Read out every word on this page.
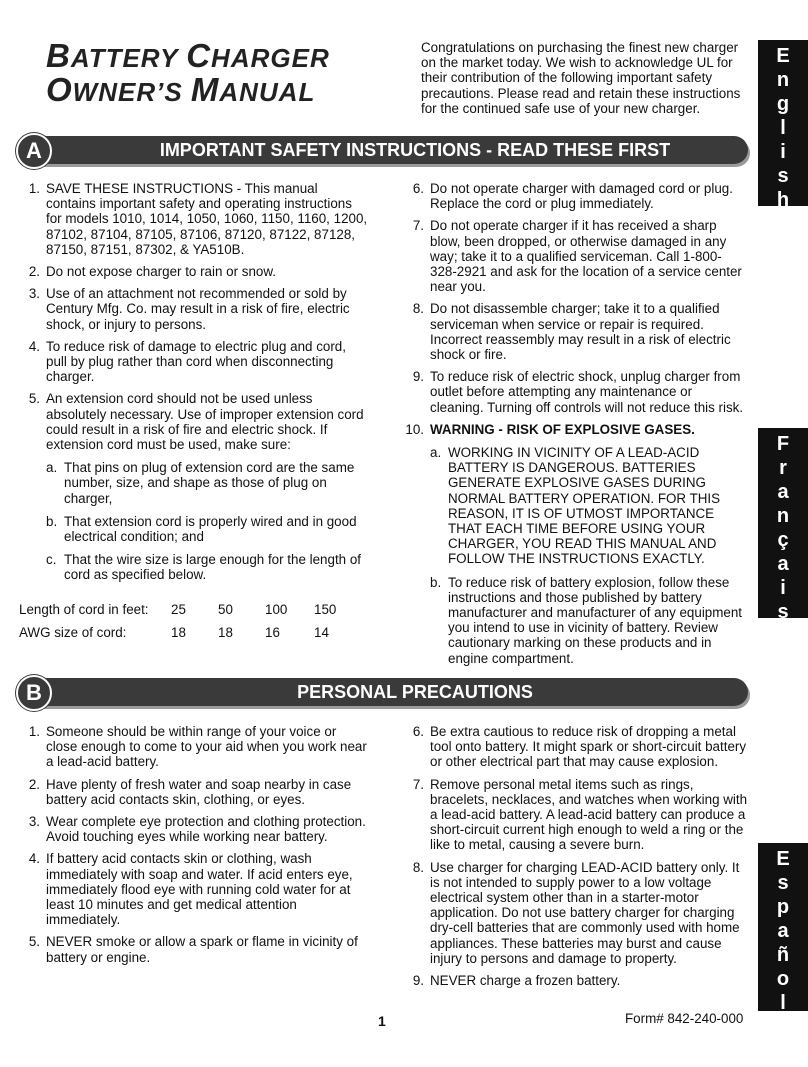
BATTERY CHARGER
OWNER’S MANUAL
Congratulations on purchasing the finest new charger on the market today. We wish to acknowledge UL for their contribution of the following important safety precautions. Please read and retain these instructions for the continued safe use of your new charger.
E
n
g
l
i
s
h
F
r
a
n
ç
a
i
s
E
s
p
a
ñ
o
l
IMPORTANT SAFETY INSTRUCTIONS - READ THESE FIRST
A
1. SAVE THESE INSTRUCTIONS - This manual contains important safety and operating instructions for models 1010, 1014, 1050, 1060, 1150, 1160, 1200, 87102, 87104, 87105, 87106, 87120, 87122, 87128, 87150, 87151, 87302, & YA510B.
2. Do not expose charger to rain or snow.
3. Use of an attachment not recommended or sold by Century Mfg. Co. may result in a risk of fire, electric shock, or injury to persons.
4. To reduce risk of damage to electric plug and cord, pull by plug rather than cord when disconnecting charger.
5. An extension cord should not be used unless absolutely necessary. Use of improper extension cord could result in a risk of fire and electric shock. If extension cord must be used, make sure:
a. That pins on plug of extension cord are the same number, size, and shape as those of plug on charger,
b. That extension cord is properly wired and in good electrical condition; and
c. That the wire size is large enough for the length of cord as specified below.
Length of cord in feet:	25	50	100	150
AWG size of cord:	18	18	16	14
6. Do not operate charger with damaged cord or plug. Replace the cord or plug immediately.
7. Do not operate charger if it has received a sharp blow, been dropped, or otherwise damaged in any way; take it to a qualified serviceman. Call 1-800-328-2921 and ask for the location of a service center near you.
8. Do not disassemble charger; take it to a qualified serviceman when service or repair is required. Incorrect reassembly may result in a risk of electric shock or fire.
9. To reduce risk of electric shock, unplug charger from outlet before attempting any maintenance or cleaning. Turning off controls will not reduce this risk.
10. WARNING - RISK OF EXPLOSIVE GASES.
a. WORKING IN VICINITY OF A LEAD-ACID BATTERY IS DANGEROUS. BATTERIES GENERATE EXPLOSIVE GASES DURING NORMAL BATTERY OPERATION. FOR THIS REASON, IT IS OF UTMOST IMPORTANCE THAT EACH TIME BEFORE USING YOUR CHARGER, YOU READ THIS MANUAL AND FOLLOW THE INSTRUCTIONS EXACTLY.
b. To reduce risk of battery explosion, follow these instructions and those published by battery manufacturer and manufacturer of any equipment you intend to use in vicinity of battery. Review cautionary marking on these products and in engine compartment.
PERSONAL PRECAUTIONS
B
1. Someone should be within range of your voice or close enough to come to your aid when you work near a lead-acid battery.
2. Have plenty of fresh water and soap nearby in case battery acid contacts skin, clothing, or eyes.
3. Wear complete eye protection and clothing protection. Avoid touching eyes while working near battery.
4. If battery acid contacts skin or clothing, wash immediately with soap and water. If acid enters eye, immediately flood eye with running cold water for at least 10 minutes and get medical attention immediately.
5. NEVER smoke or allow a spark or flame in vicinity of battery or engine.
6. Be extra cautious to reduce risk of dropping a metal tool onto battery. It might spark or short-circuit battery or other electrical part that may cause explosion.
7. Remove personal metal items such as rings, bracelets, necklaces, and watches when working with a lead-acid battery. A lead-acid battery can produce a short-circuit current high enough to weld a ring or the like to metal, causing a severe burn.
8. Use charger for charging LEAD-ACID battery only. It is not intended to supply power to a low voltage electrical system other than in a starter-motor application. Do not use battery charger for charging dry-cell batteries that are commonly used with home appliances. These batteries may burst and cause injury to persons and damage to property.
9. NEVER charge a frozen battery.
1	Form# 842-240-000
